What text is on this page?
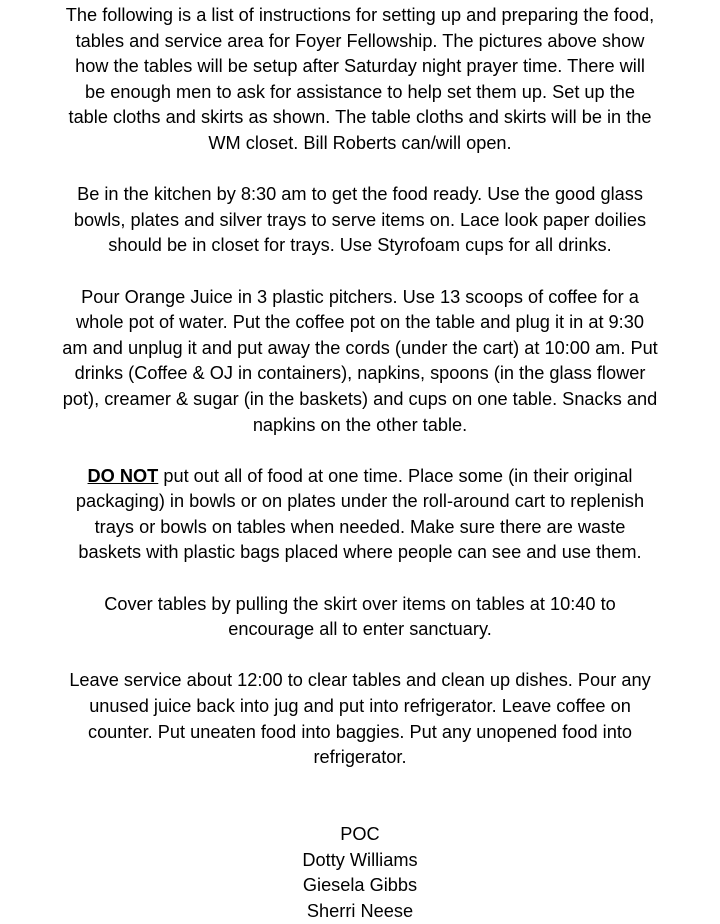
The following is a list of instructions for setting up and preparing the food,
tables and service area for Foyer Fellowship. The pictures above show
how the tables will be setup after Saturday night prayer time. There will
be enough men to ask for assistance to help set them up. Set up the
table cloths and skirts as shown. The table cloths and skirts will be in the
WM closet. Bill Roberts can/will open.
Be in the kitchen by 8:30 am to get the food ready. Use the good glass
bowls, plates and silver trays to serve items on. Lace look paper doilies
should be in closet for trays. Use Styrofoam cups for all drinks.
Pour Orange Juice in 3 plastic pitchers. Use 13 scoops of coffee for a
whole pot of water. Put the coffee pot on the table and plug it in at 9:30
am and unplug it and put away the cords (under the cart) at 10:00 am. Put
drinks (Coffee & OJ in containers), napkins, spoons (in the glass flower
pot), creamer & sugar (in the baskets) and cups on one table. Snacks and
napkins on the other table.
DO NOT put out all of food at one time. Place some (in their original
packaging) in bowls or on plates under the roll-around cart to replenish
trays or bowls on tables when needed. Make sure there are waste
baskets with plastic bags placed where people can see and use them.
Cover tables by pulling the skirt over items on tables at 10:40 to
encourage all to enter sanctuary.
Leave service about 12:00 to clear tables and clean up dishes. Pour any
unused juice back into jug and put into refrigerator. Leave coffee on
counter. Put uneaten food into baggies. Put any unopened food into
refrigerator.
POC
Dotty Williams
Giesela Gibbs
Sherri Neese
